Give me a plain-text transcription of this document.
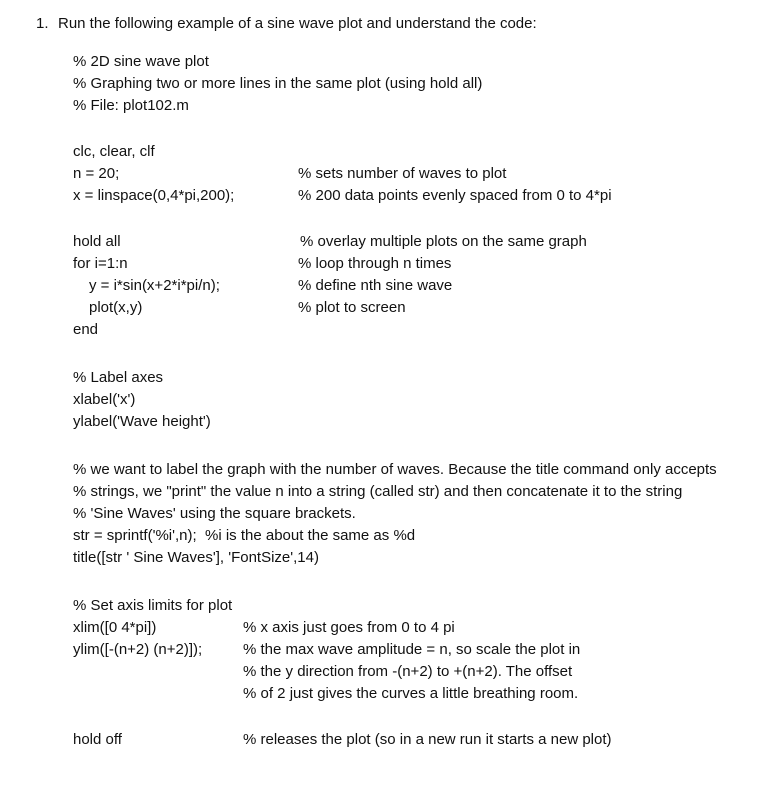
1. Run the following example of a sine wave plot and understand the code:
% 2D sine wave plot
% Graphing two or more lines in the same plot (using hold all)
% File: plot102.m
clc, clear, clf
n = 20;	% sets number of waves to plot
x = linspace(0,4*pi,200);	% 200 data points evenly spaced from 0 to 4*pi
hold all	% overlay multiple plots on the same graph
for i=1:n	% loop through n times
y = i*sin(x+2*i*pi/n);	% define nth sine wave
plot(x,y)	% plot to screen
end
% Label axes
xlabel('x')
ylabel('Wave height')
% we want to label the graph with the number of waves. Because the title command only accepts
% strings, we "print" the value n into a string (called str) and then concatenate it to the string
% 'Sine Waves' using the square brackets.
str = sprintf('%i',n);  %i is the about the same as %d
title([str ' Sine Waves'], 'FontSize',14)
% Set axis limits for plot
xlim([0 4*pi])	% x axis just goes from 0 to 4 pi
ylim([-(n+2) (n+2)]);	% the max wave amplitude = n, so scale the plot in
% the y direction from -(n+2) to +(n+2). The offset
% of 2 just gives the curves a little breathing room.
hold off	% releases the plot (so in a new run it starts a new plot)
